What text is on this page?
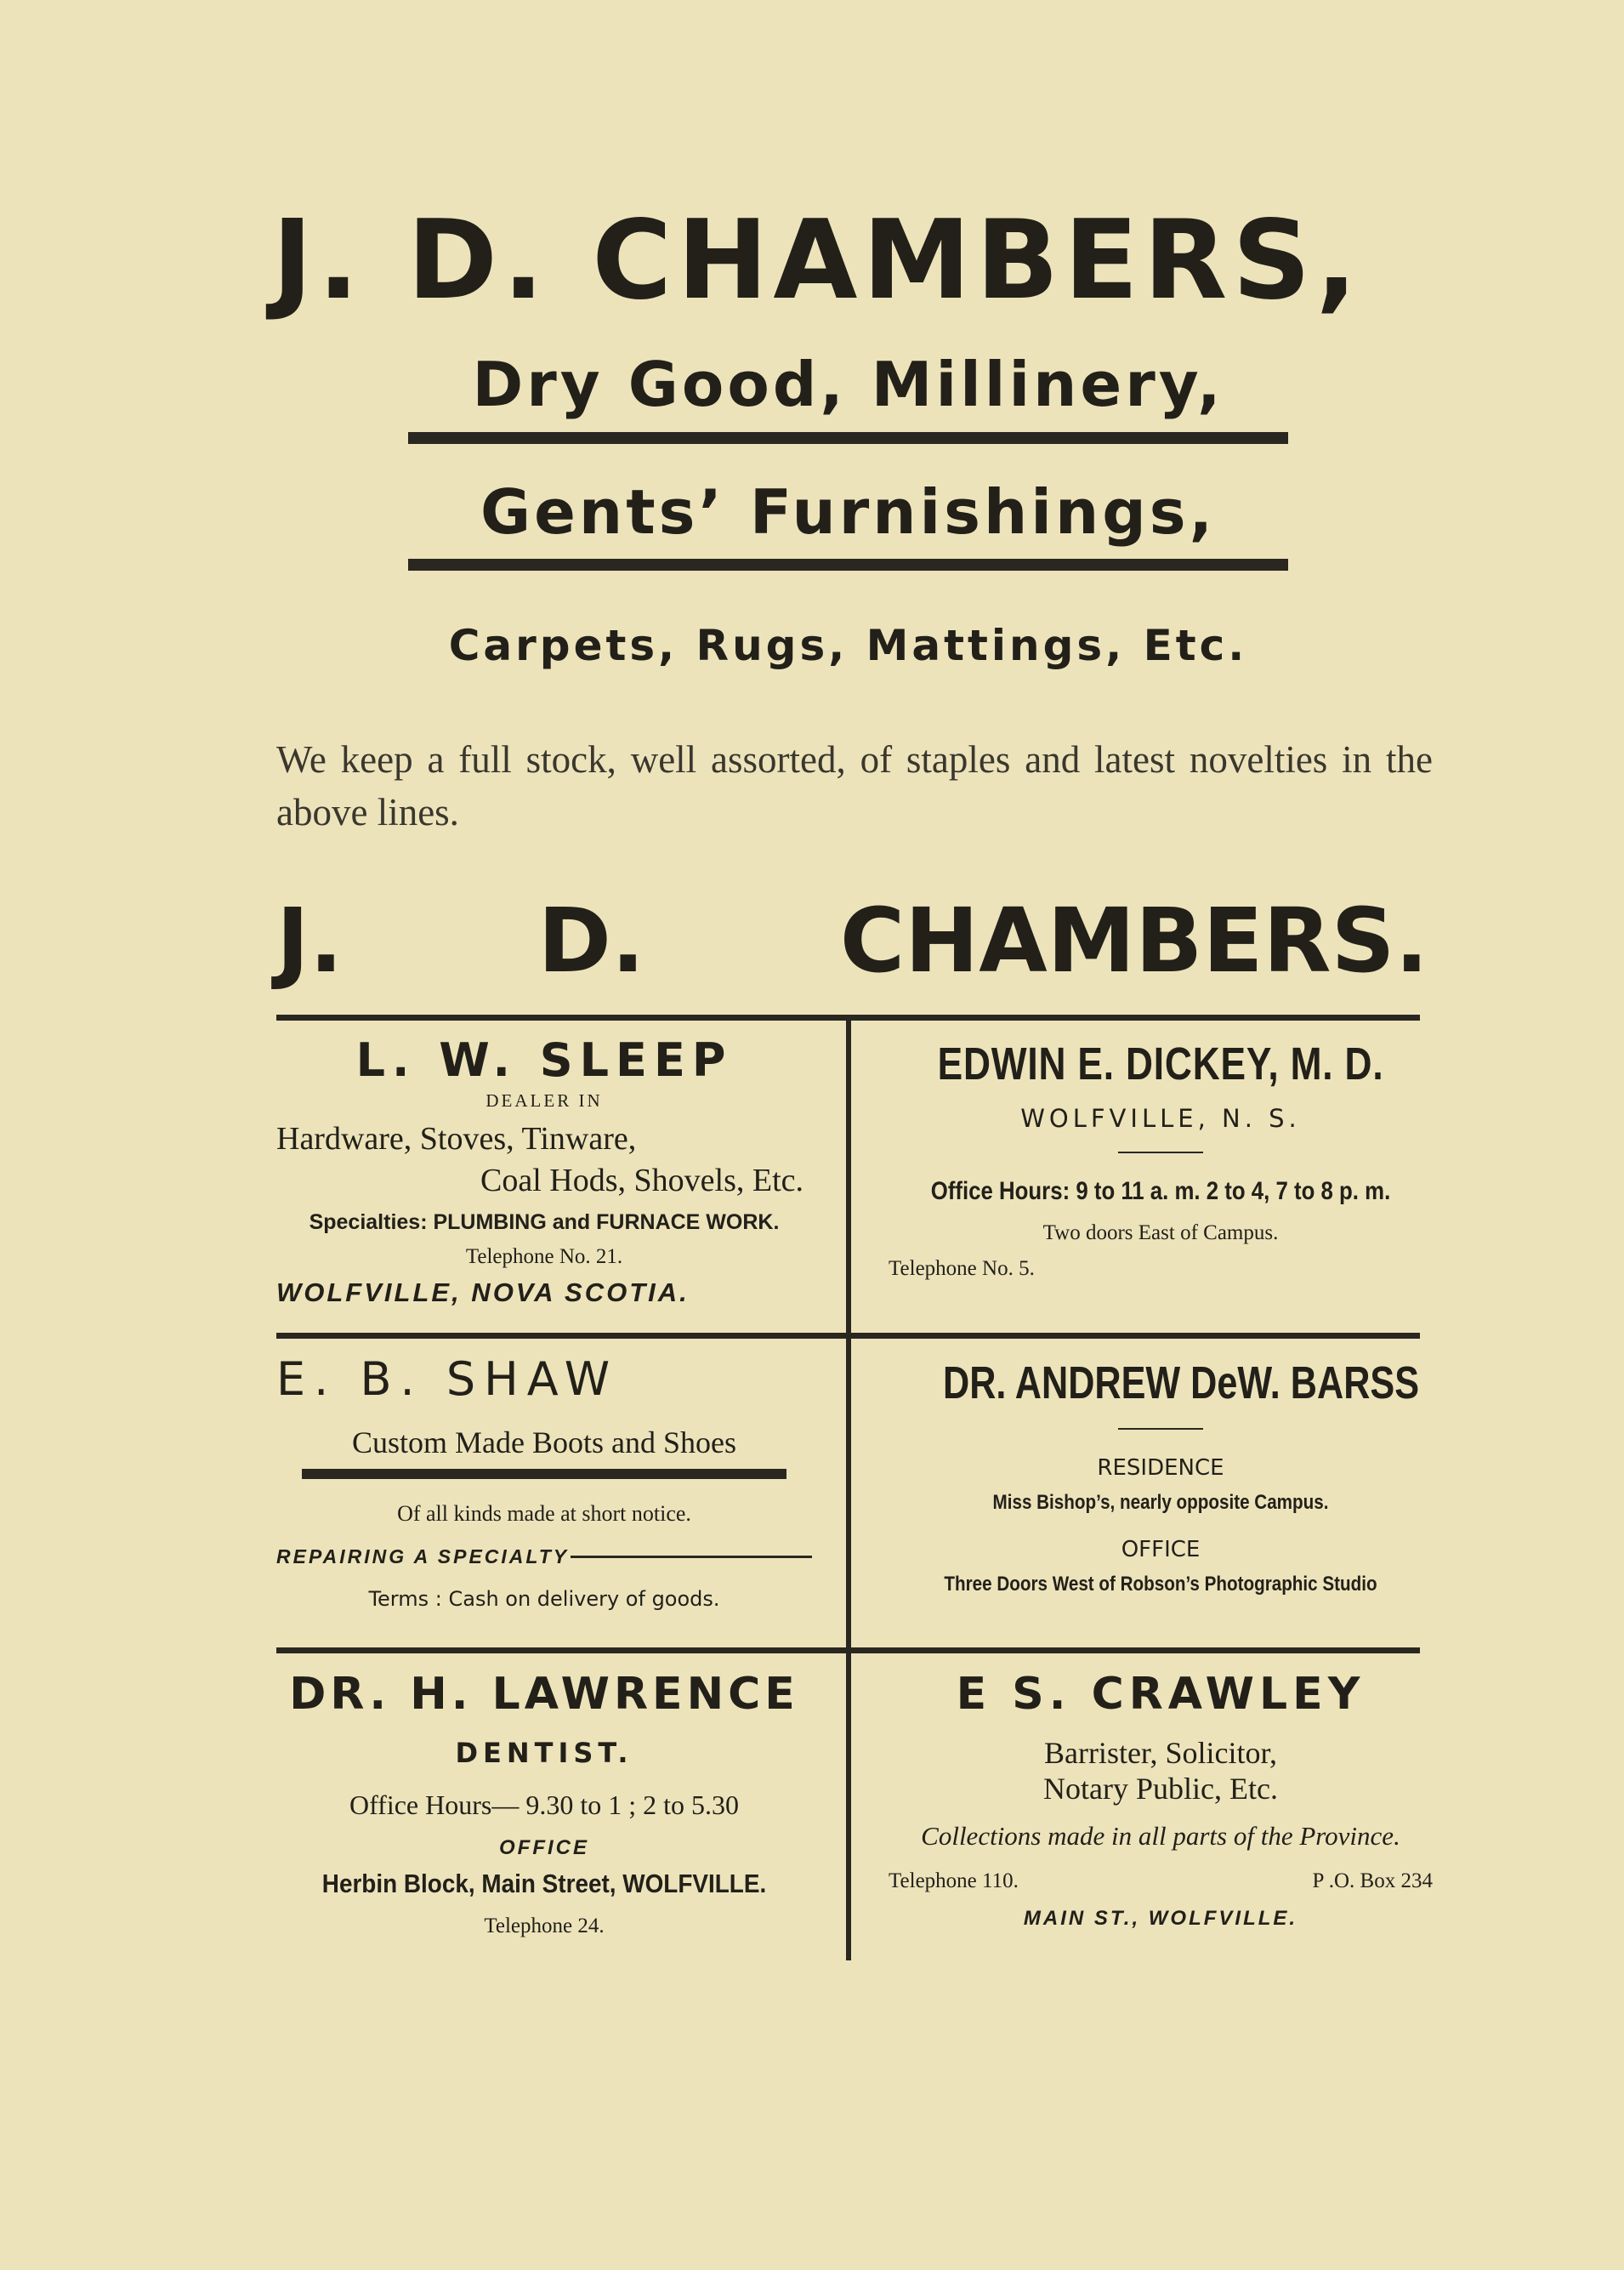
J. D. CHAMBERS,
Dry Good, Millinery,
Gents’ Furnishings,
Carpets, Rugs, Mattings, Etc.
We keep a full stock, well assorted, of staples and latest novelties in the above lines.
J. D. CHAMBERS.
L. W. SLEEP
DEALER IN
Hardware, Stoves, Tinware,
Coal Hods, Shovels, Etc.
Specialties: PLUMBING and FURNACE WORK.
Telephone No. 21.
WOLFVILLE, NOVA SCOTIA.
EDWIN E. DICKEY, M. D.
WOLFVILLE, N. S.
Office Hours: 9 to 11 a. m. 2 to 4, 7 to 8 p. m.
Two doors East of Campus.
Telephone No. 5.
E. B. SHAW
Custom Made Boots and Shoes
Of all kinds made at short notice.
REPAIRING A SPECIALTY
Terms : Cash on delivery of goods.
DR. ANDREW DeW. BARSS
RESIDENCE
Miss Bishop’s, nearly opposite Campus.
OFFICE
Three Doors West of Robson’s Photographic Studio
DR. H. LAWRENCE
DENTIST.
Office Hours— 9.30 to 1 ; 2 to 5.30
OFFICE
Herbin Block, Main Street, WOLFVILLE.
Telephone 24.
E S. CRAWLEY
Barrister, Solicitor,
Notary Public, Etc.
Collections made in all parts of the Province.
Telephone 110.	P .O. Box 234
MAIN ST., WOLFVILLE.
